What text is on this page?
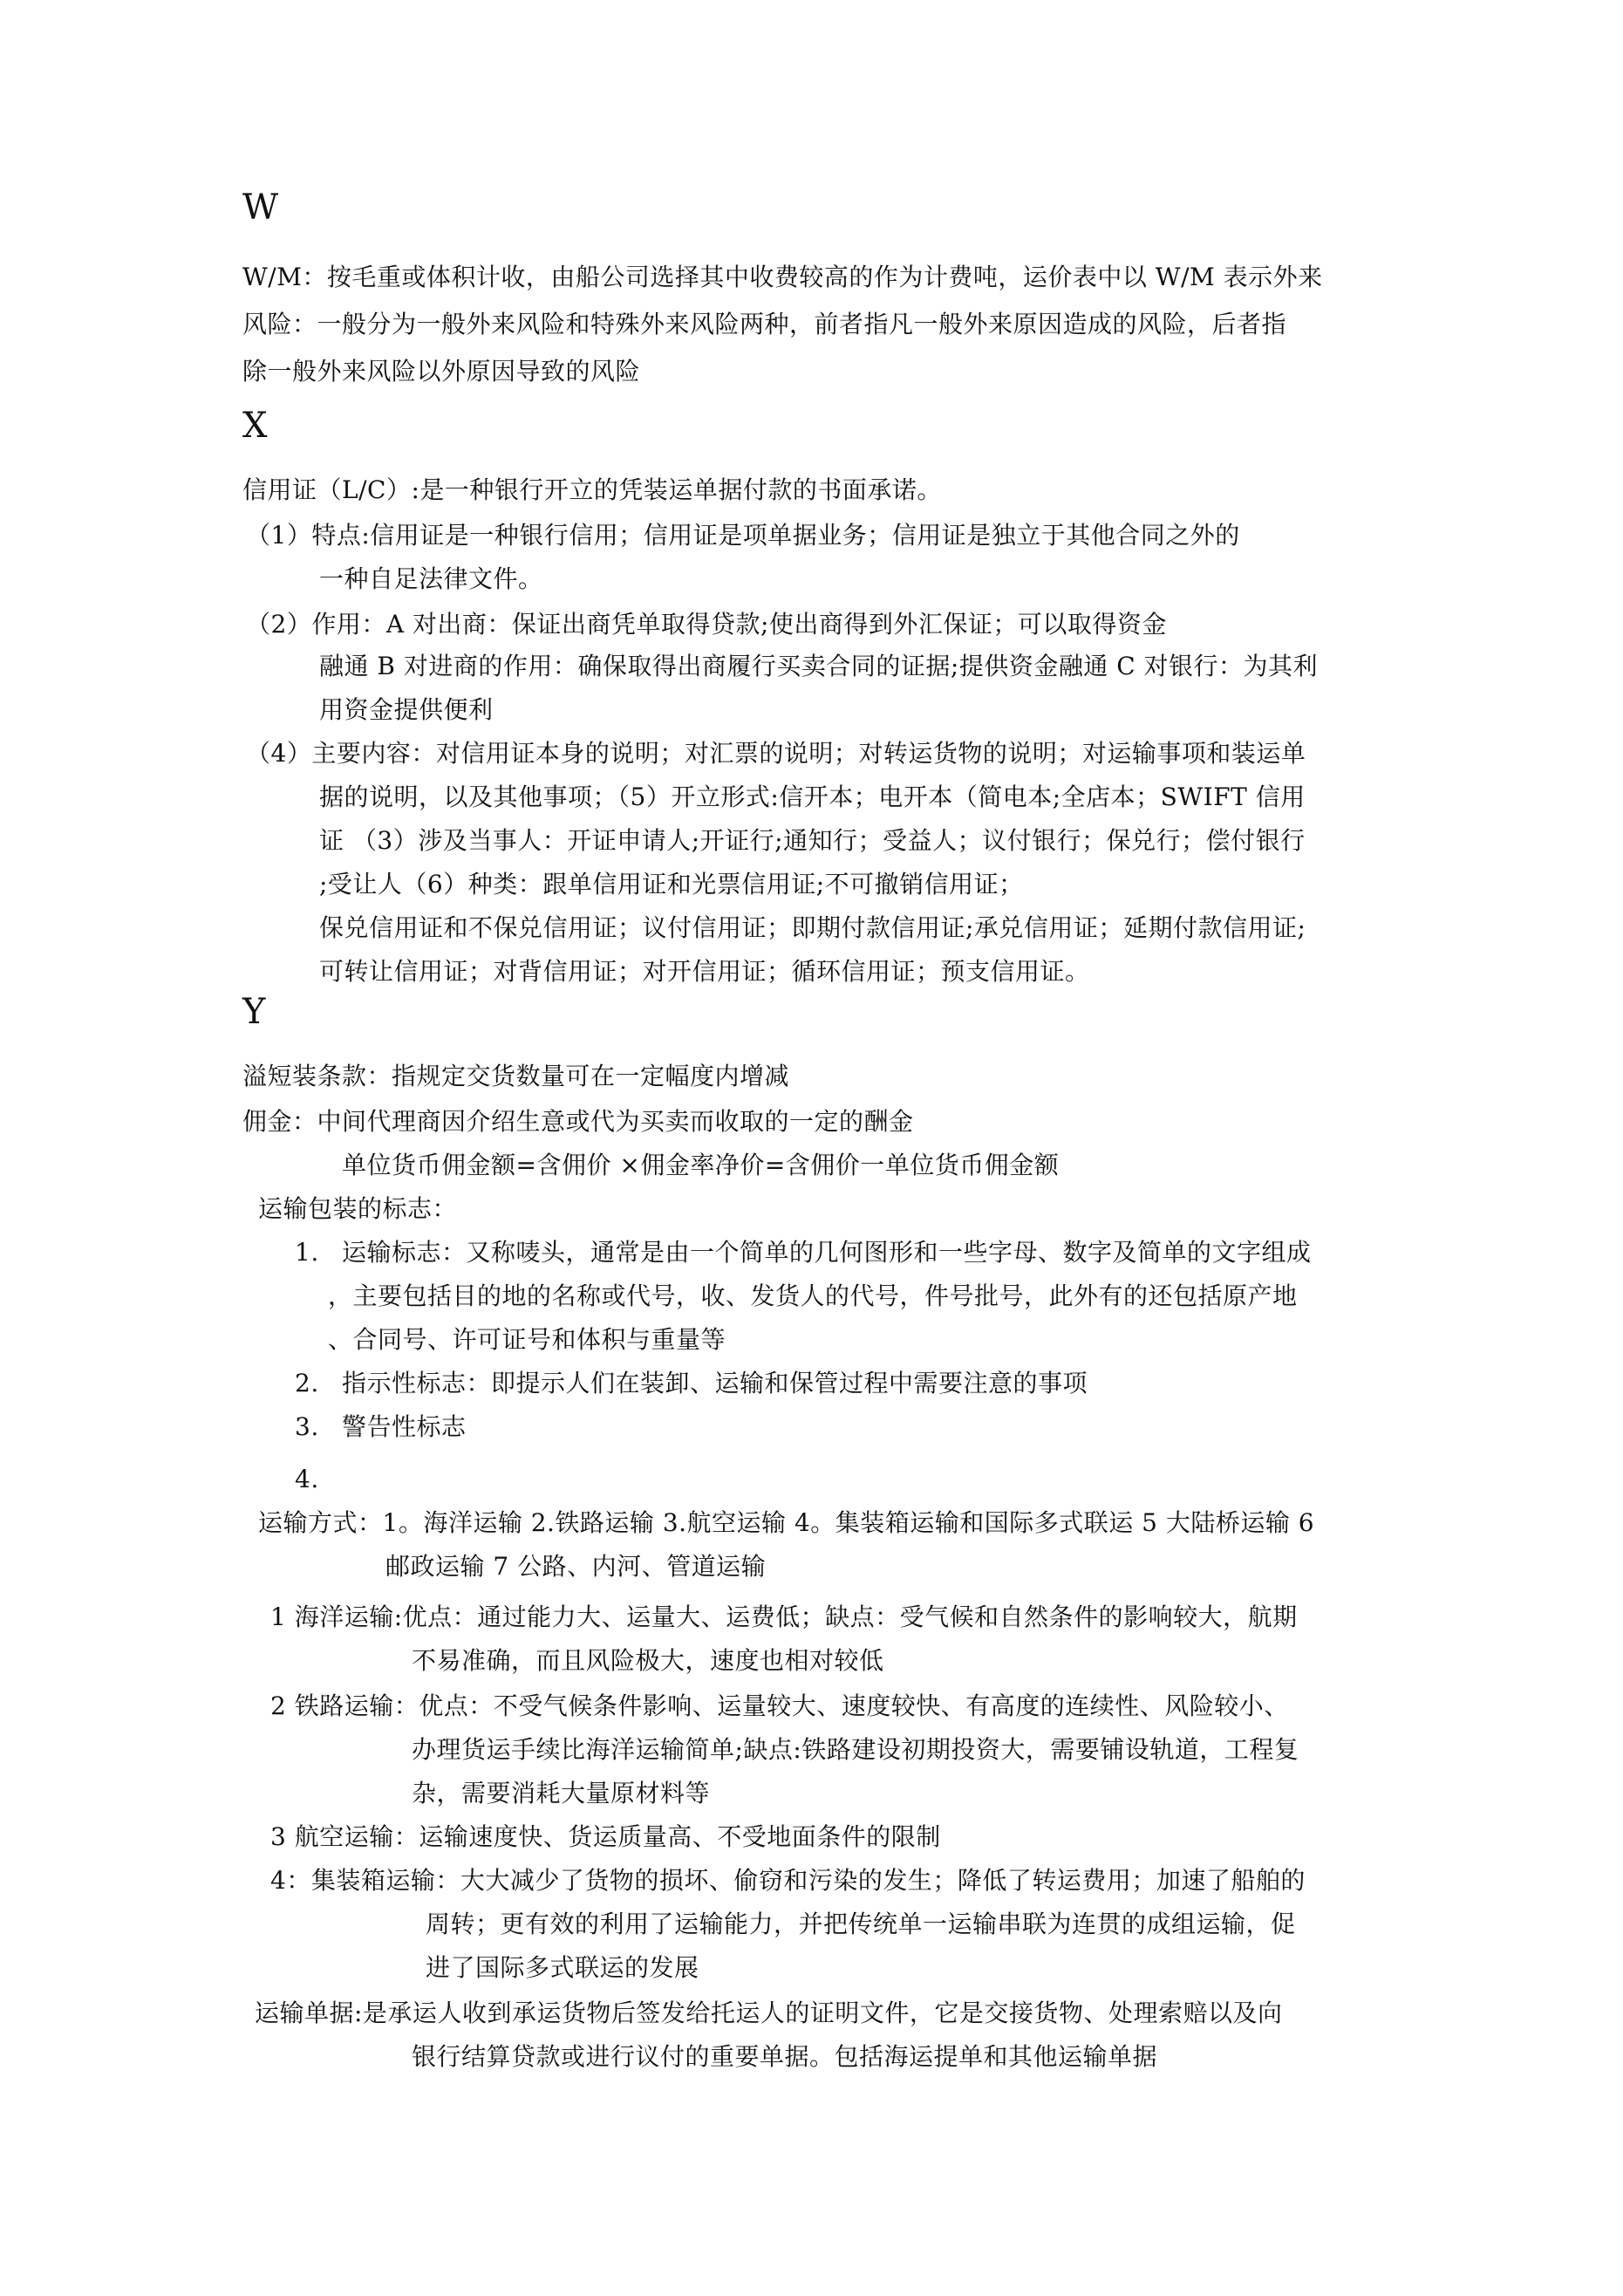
W
W/M：按毛重或体积计收，由船公司选择其中收费较高的作为计费吨，运价表中以 W/M 表示外来
风险：一般分为一般外来风险和特殊外来风险两种，前者指凡一般外来原因造成的风险，后者指
除一般外来风险以外原因导致的风险
X
信用证（L/C）:是一种银行开立的凭装运单据付款的书面承诺。
（1）特点:信用证是一种银行信用；信用证是项单据业务；信用证是独立于其他合同之外的
一种自足法律文件。
（2）作用：A 对出商：保证出商凭单取得贷款;使出商得到外汇保证；可以取得资金
融通 B 对进商的作用：确保取得出商履行买卖合同的证据;提供资金融通 C 对银行：为其利
用资金提供便利
（4）主要内容：对信用证本身的说明；对汇票的说明；对转运货物的说明；对运输事项和装运单
据的说明，以及其他事项；（5）开立形式:信开本；电开本（简电本;全店本；SWIFT 信用
证 （3）涉及当事人：开证申请人;开证行;通知行；受益人；议付银行；保兑行；偿付银行
;受让人（6）种类：跟单信用证和光票信用证;不可撤销信用证；
保兑信用证和不保兑信用证；议付信用证；即期付款信用证;承兑信用证；延期付款信用证;
可转让信用证；对背信用证；对开信用证；循环信用证；预支信用证。
Y
溢短装条款：指规定交货数量可在一定幅度内增减
佣金：中间代理商因介绍生意或代为买卖而收取的一定的酬金
单位货币佣金额=含佣价 ×佣金率净价=含佣价一单位货币佣金额
运输包装的标志：
1. 运输标志：又称唛头，通常是由一个简单的几何图形和一些字母、数字及简单的文字组成
，主要包括目的地的名称或代号，收、发货人的代号，件号批号，此外有的还包括原产地
、合同号、许可证号和体积与重量等
2. 指示性标志：即提示人们在装卸、运输和保管过程中需要注意的事项
3. 警告性标志
4.
运输方式：1。海洋运输 2.铁路运输 3.航空运输 4。集装箱运输和国际多式联运 5 大陆桥运输 6
邮政运输 7 公路、内河、管道运输
1 海洋运输:优点：通过能力大、运量大、运费低；缺点：受气候和自然条件的影响较大，航期
不易准确，而且风险极大，速度也相对较低
2 铁路运输：优点：不受气候条件影响、运量较大、速度较快、有高度的连续性、风险较小、
办理货运手续比海洋运输简单;缺点:铁路建设初期投资大，需要铺设轨道，工程复
杂，需要消耗大量原材料等
3 航空运输：运输速度快、货运质量高、不受地面条件的限制
4：集装箱运输：大大减少了货物的损坏、偷窃和污染的发生；降低了转运费用；加速了船舶的
周转；更有效的利用了运输能力，并把传统单一运输串联为连贯的成组运输，促
进了国际多式联运的发展
运输单据:是承运人收到承运货物后签发给托运人的证明文件，它是交接货物、处理索赔以及向
银行结算贷款或进行议付的重要单据。包括海运提单和其他运输单据
